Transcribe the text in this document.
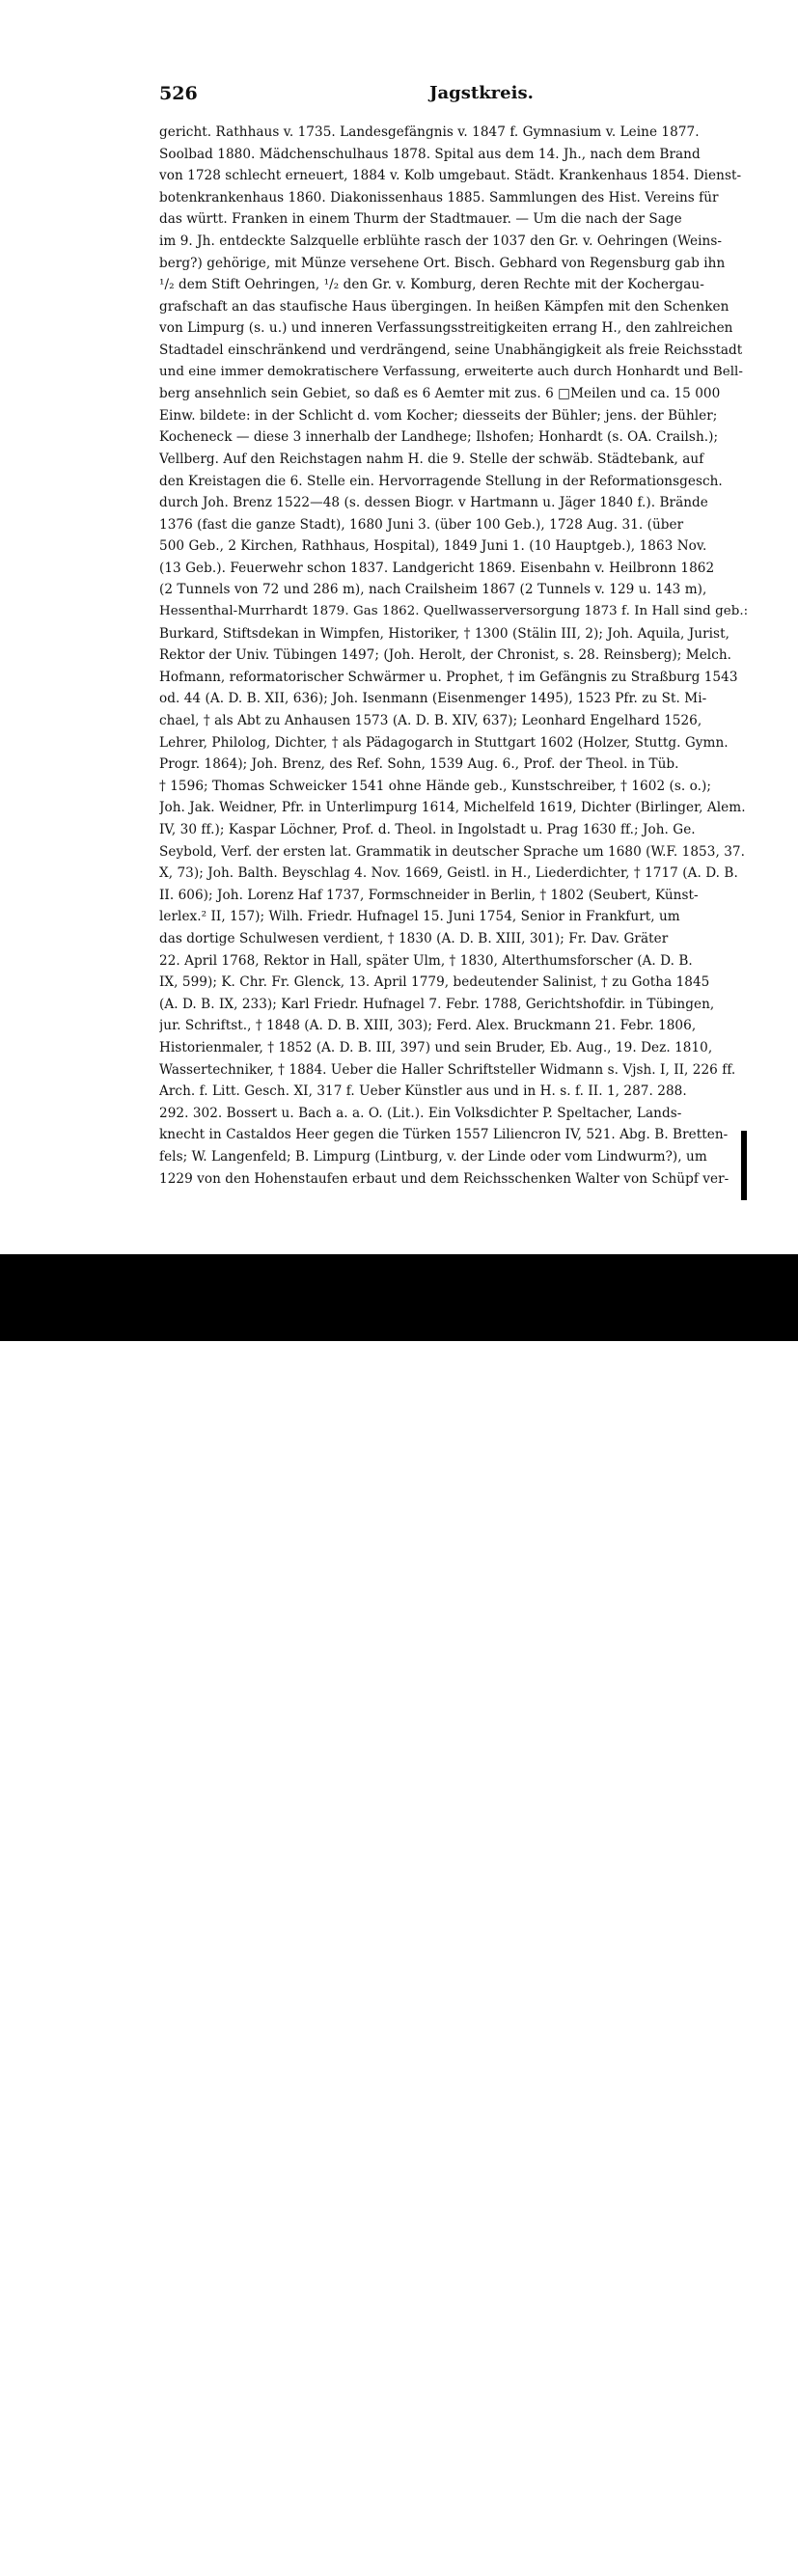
526	Jagstkreis.
gericht. Rathhaus v. 1735. Landesgefängnis v. 1847 f. Gymnasium v. Leine 1877.
Soolbad 1880. Mädchenschulhaus 1878. Spital aus dem 14. Jh., nach dem Brand
von 1728 schlecht erneuert, 1884 v. Kolb umgebaut. Städt. Krankenhaus 1854. Dienst-
botenkrankenhaus 1860. Diakonissenhaus 1885. Sammlungen des Hist. Vereins für
das württ. Franken in einem Thurm der Stadtmauer. — Um die nach der Sage
im 9. Jh. entdeckte Salzquelle erblühte rasch der 1037 den Gr. v. Oehringen (Weins-
berg?) gehörige, mit Münze versehene Ort. Bisch. Gebhard von Regensburg gab ihn
¹/₂ dem Stift Oehringen, ¹/₂ den Gr. v. Komburg, deren Rechte mit der Kochergau-
grafschaft an das staufische Haus übergingen. In heißen Kämpfen mit den Schenken
von Limpurg (s. u.) und inneren Verfassungsstreitigkeiten errang H., den zahlreichen
Stadtadel einschränkend und verdrängend, seine Unabhängigkeit als freie Reichsstadt
und eine immer demokratischere Verfassung, erweiterte auch durch Honhardt und Bell-
berg ansehnlich sein Gebiet, so daß es 6 Aemter mit zus. 6 □Meilen und ca. 15 000
Einw. bildete: in der Schlicht d. vom Kocher; diesseits der Bühler; jens. der Bühler;
Kocheneck — diese 3 innerhalb der Landhege; Ilshofen; Honhardt (s. OA. Crailsh.);
Vellberg. Auf den Reichstagen nahm H. die 9. Stelle der schwäb. Städtebank, auf
den Kreistagen die 6. Stelle ein. Hervorragende Stellung in der Reformationsgesch.
durch Joh. Brenz 1522—48 (s. dessen Biogr. v Hartmann u. Jäger 1840 f.). Brände
1376 (fast die ganze Stadt), 1680 Juni 3. (über 100 Geb.), 1728 Aug. 31. (über
500 Geb., 2 Kirchen, Rathhaus, Hospital), 1849 Juni 1. (10 Hauptgeb.), 1863 Nov.
(13 Geb.). Feuerwehr schon 1837. Landgericht 1869. Eisenbahn v. Heilbronn 1862
(2 Tunnels von 72 und 286 m), nach Crailsheim 1867 (2 Tunnels v. 129 u. 143 m),
Hessenthal-Murrhardt 1879. Gas 1862. Quellwasserversorgung 1873 f. In Hall sind geb.:
Burkard, Stiftsdekan in Wimpfen, Historiker, † 1300 (Stälin III, 2); Joh. Aquila, Jurist,
Rektor der Univ. Tübingen 1497; (Joh. Herolt, der Chronist, s. 28. Reinsberg); Melch.
Hofmann, reformatorischer Schwärmer u. Prophet, † im Gefängnis zu Straßburg 1543
od. 44 (A. D. B. XII, 636); Joh. Isenmann (Eisenmenger 1495), 1523 Pfr. zu St. Mi-
chael, † als Abt zu Anhausen 1573 (A. D. B. XIV, 637); Leonhard Engelhard 1526,
Lehrer, Philolog, Dichter, † als Pädagogarch in Stuttgart 1602 (Holzer, Stuttg. Gymn.
Progr. 1864); Joh. Brenz, des Ref. Sohn, 1539 Aug. 6., Prof. der Theol. in Tüb.
† 1596; Thomas Schweicker 1541 ohne Hände geb., Kunstschreiber, † 1602 (s. o.);
Joh. Jak. Weidner, Pfr. in Unterlimpurg 1614, Michelfeld 1619, Dichter (Birlinger, Alem.
IV, 30 ff.); Kaspar Löchner, Prof. d. Theol. in Ingolstadt u. Prag 1630 ff.; Joh. Ge.
Seybold, Verf. der ersten lat. Grammatik in deutscher Sprache um 1680 (W.F. 1853, 37.
X, 73); Joh. Balth. Beyschlag 4. Nov. 1669, Geistl. in H., Liederdichter, † 1717 (A. D. B.
II. 606); Joh. Lorenz Haf 1737, Formschneider in Berlin, † 1802 (Seubert, Künst-
lerlex.² II, 157); Wilh. Friedr. Hufnagel 15. Juni 1754, Senior in Frankfurt, um
das dortige Schulwesen verdient, † 1830 (A. D. B. XIII, 301); Fr. Dav. Gräter
22. April 1768, Rektor in Hall, später Ulm, † 1830, Alterthumsforscher (A. D. B.
IX, 599); K. Chr. Fr. Glenck, 13. April 1779, bedeutender Salinist, † zu Gotha 1845
(A. D. B. IX, 233); Karl Friedr. Hufnagel 7. Febr. 1788, Gerichtshofdir. in Tübingen,
jur. Schriftst., † 1848 (A. D. B. XIII, 303); Ferd. Alex. Bruckmann 21. Febr. 1806,
Historienmaler, † 1852 (A. D. B. III, 397) und sein Bruder, Eb. Aug., 19. Dez. 1810,
Wassertechniker, † 1884. Ueber die Haller Schriftsteller Widmann s. Vjsh. I, II, 226 ff.
Arch. f. Litt. Gesch. XI, 317 f. Ueber Künstler aus und in H. s. f. II. 1, 287. 288.
292. 302. Bossert u. Bach a. a. O. (Lit.). Ein Volksdichter P. Speltacher, Lands-
knecht in Castaldos Heer gegen die Türken 1557 Liliencron IV, 521. Abg. B. Bretten-
fels; W. Langenfeld; B. Limpurg (Lintburg, v. der Linde oder vom Lindwurm?), um
1229 von den Hohenstaufen erbaut und dem Reichsschenken Walter von Schüpf ver-
alamy	Image ID: KX40DJ
www.alamy.com
